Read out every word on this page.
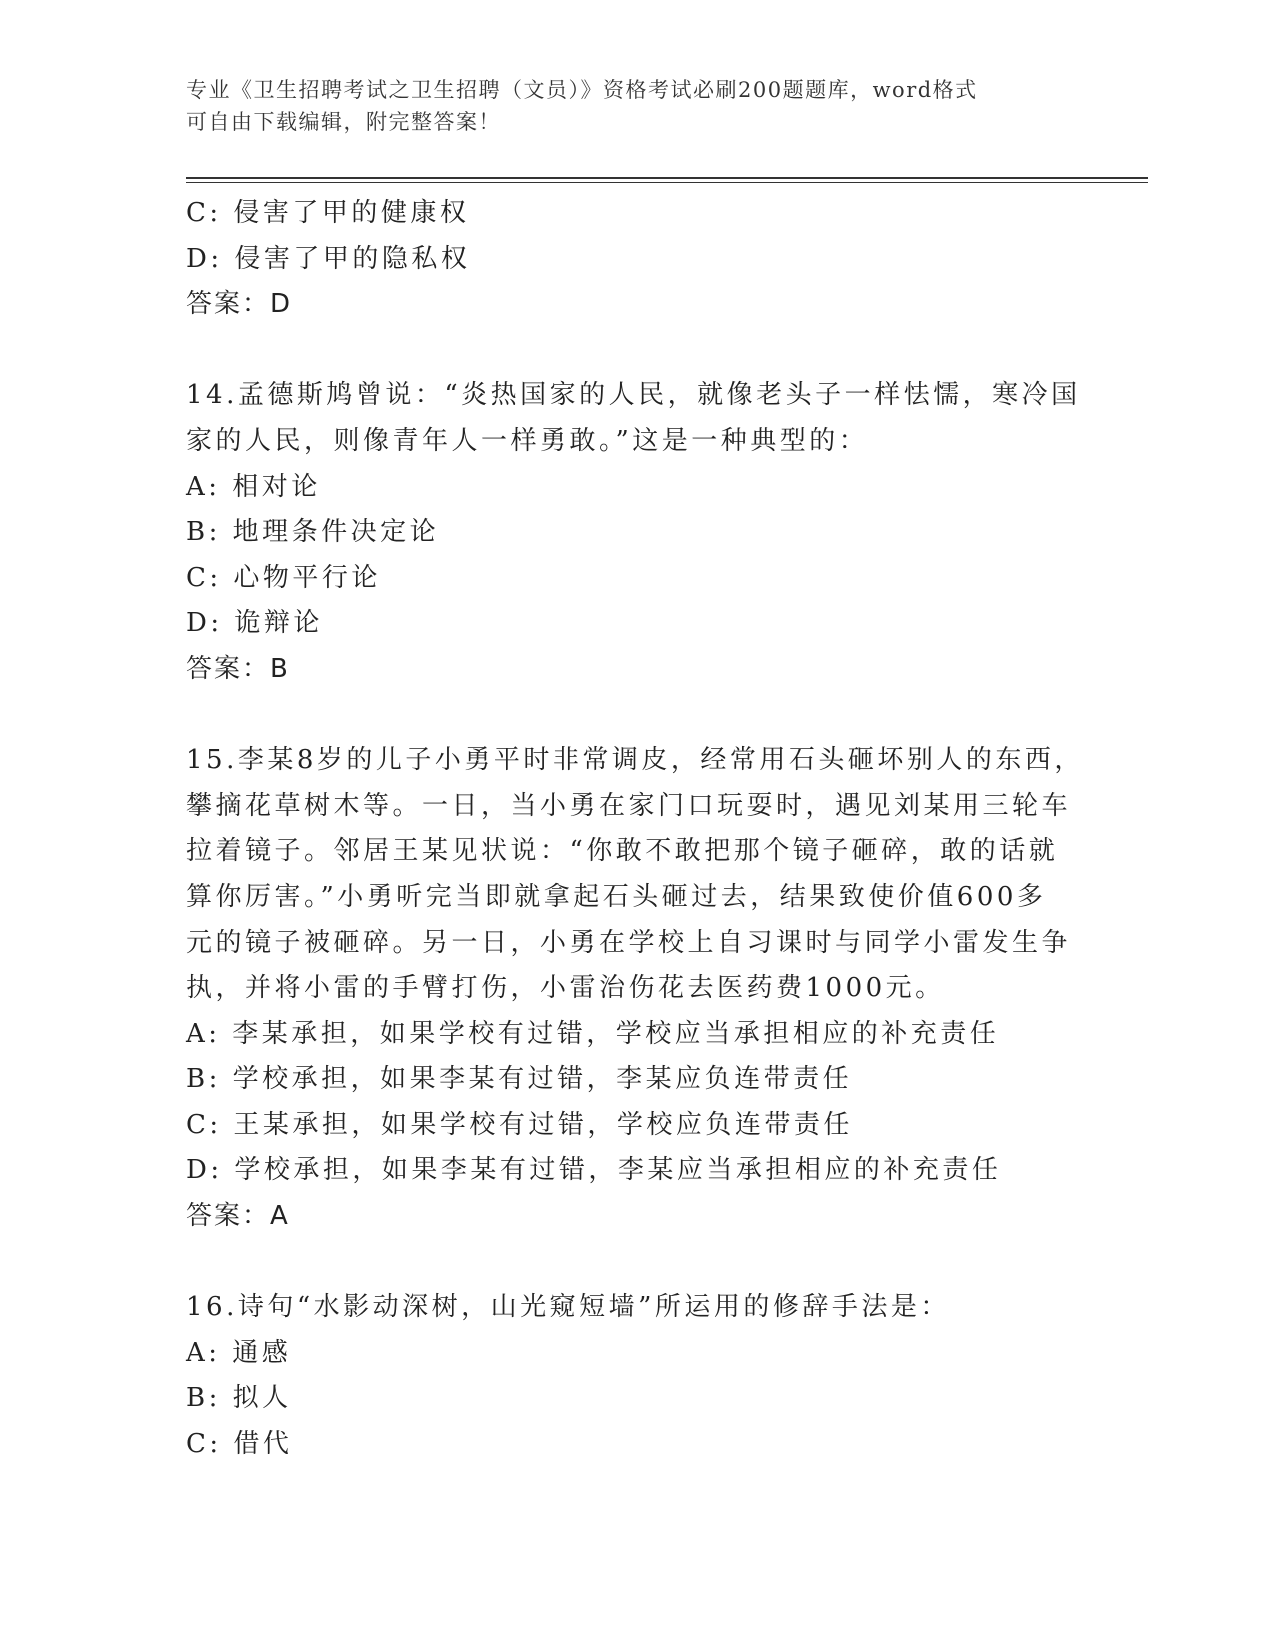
专业《卫生招聘考试之卫生招聘（文员）》资格考试必刷200题题库，word格式
可自由下载编辑，附完整答案！
C: 侵害了甲的健康权
D: 侵害了甲的隐私权
答案：D
14.孟德斯鸠曾说：“炎热国家的人民，就像老头子一样怯懦，寒冷国
家的人民，则像青年人一样勇敢。”这是一种典型的：
A: 相对论
B: 地理条件决定论
C: 心物平行论
D: 诡辩论
答案：B
15.李某8岁的儿子小勇平时非常调皮，经常用石头砸坏别人的东西，
攀摘花草树木等。一日，当小勇在家门口玩耍时，遇见刘某用三轮车
拉着镜子。邻居王某见状说：“你敢不敢把那个镜子砸碎，敢的话就
算你厉害。”小勇听完当即就拿起石头砸过去，结果致使价值600多
元的镜子被砸碎。另一日，小勇在学校上自习课时与同学小雷发生争
执，并将小雷的手臂打伤，小雷治伤花去医药费1000元。
A: 李某承担，如果学校有过错，学校应当承担相应的补充责任
B: 学校承担，如果李某有过错，李某应负连带责任
C: 王某承担，如果学校有过错，学校应负连带责任
D: 学校承担，如果李某有过错，李某应当承担相应的补充责任
答案：A
16.诗句“水影动深树，山光窥短墙”所运用的修辞手法是：
A: 通感
B: 拟人
C: 借代
